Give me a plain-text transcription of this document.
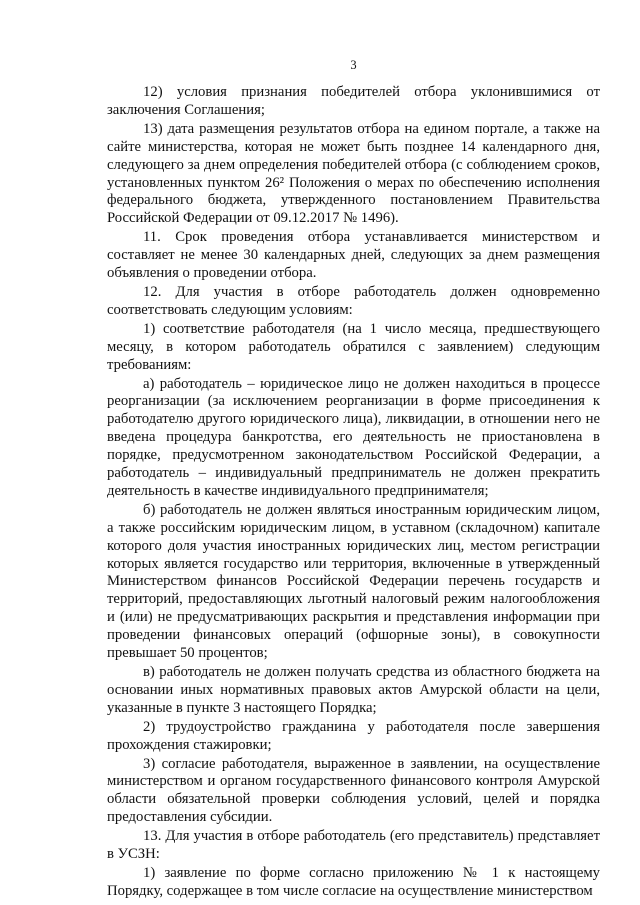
3

12) условия признания победителей отбора уклонившимися от заключения Соглашения;

13) дата размещения результатов отбора на едином портале, а также на сайте министерства, которая не может быть позднее 14 календарного дня, следующего за днем определения победителей отбора (с соблюдением сроков, установленных пунктом 26² Положения о мерах по обеспечению исполнения федерального бюджета, утвержденного постановлением Правительства Российской Федерации от 09.12.2017 № 1496).

11. Срок проведения отбора устанавливается министерством и составляет не менее 30 календарных дней, следующих за днем размещения объявления о проведении отбора.

12. Для участия в отборе работодатель должен одновременно соответствовать следующим условиям:

1) соответствие работодателя (на 1 число месяца, предшествующего месяцу, в котором работодатель обратился с заявлением) следующим требованиям:

а) работодатель – юридическое лицо не должен находиться в процессе реорганизации (за исключением реорганизации в форме присоединения к работодателю другого юридического лица), ликвидации, в отношении него не введена процедура банкротства, его деятельность не приостановлена в порядке, предусмотренном законодательством Российской Федерации, а работодатель – индивидуальный предприниматель не должен прекратить деятельность в качестве индивидуального предпринимателя;

б) работодатель не должен являться иностранным юридическим лицом, а также российским юридическим лицом, в уставном (складочном) капитале которого доля участия иностранных юридических лиц, местом регистрации которых является государство или территория, включенные в утвержденный Министерством финансов Российской Федерации перечень государств и территорий, предоставляющих льготный налоговый режим налогообложения и (или) не предусматривающих раскрытия и представления информации при проведении финансовых операций (офшорные зоны), в совокупности превышает 50 процентов;

в) работодатель не должен получать средства из областного бюджета на основании иных нормативных правовых актов Амурской области на цели, указанные в пункте 3 настоящего Порядка;

2) трудоустройство гражданина у работодателя после завершения прохождения стажировки;

3) согласие работодателя, выраженное в заявлении, на осуществление министерством и органом государственного финансового контроля Амурской области обязательной проверки соблюдения условий, целей и порядка предоставления субсидии.

13. Для участия в отборе работодатель (его представитель) представляет в УСЗН:

1) заявление по форме согласно приложению № 1 к настоящему Порядку, содержащее в том числе согласие на осуществление министерством
